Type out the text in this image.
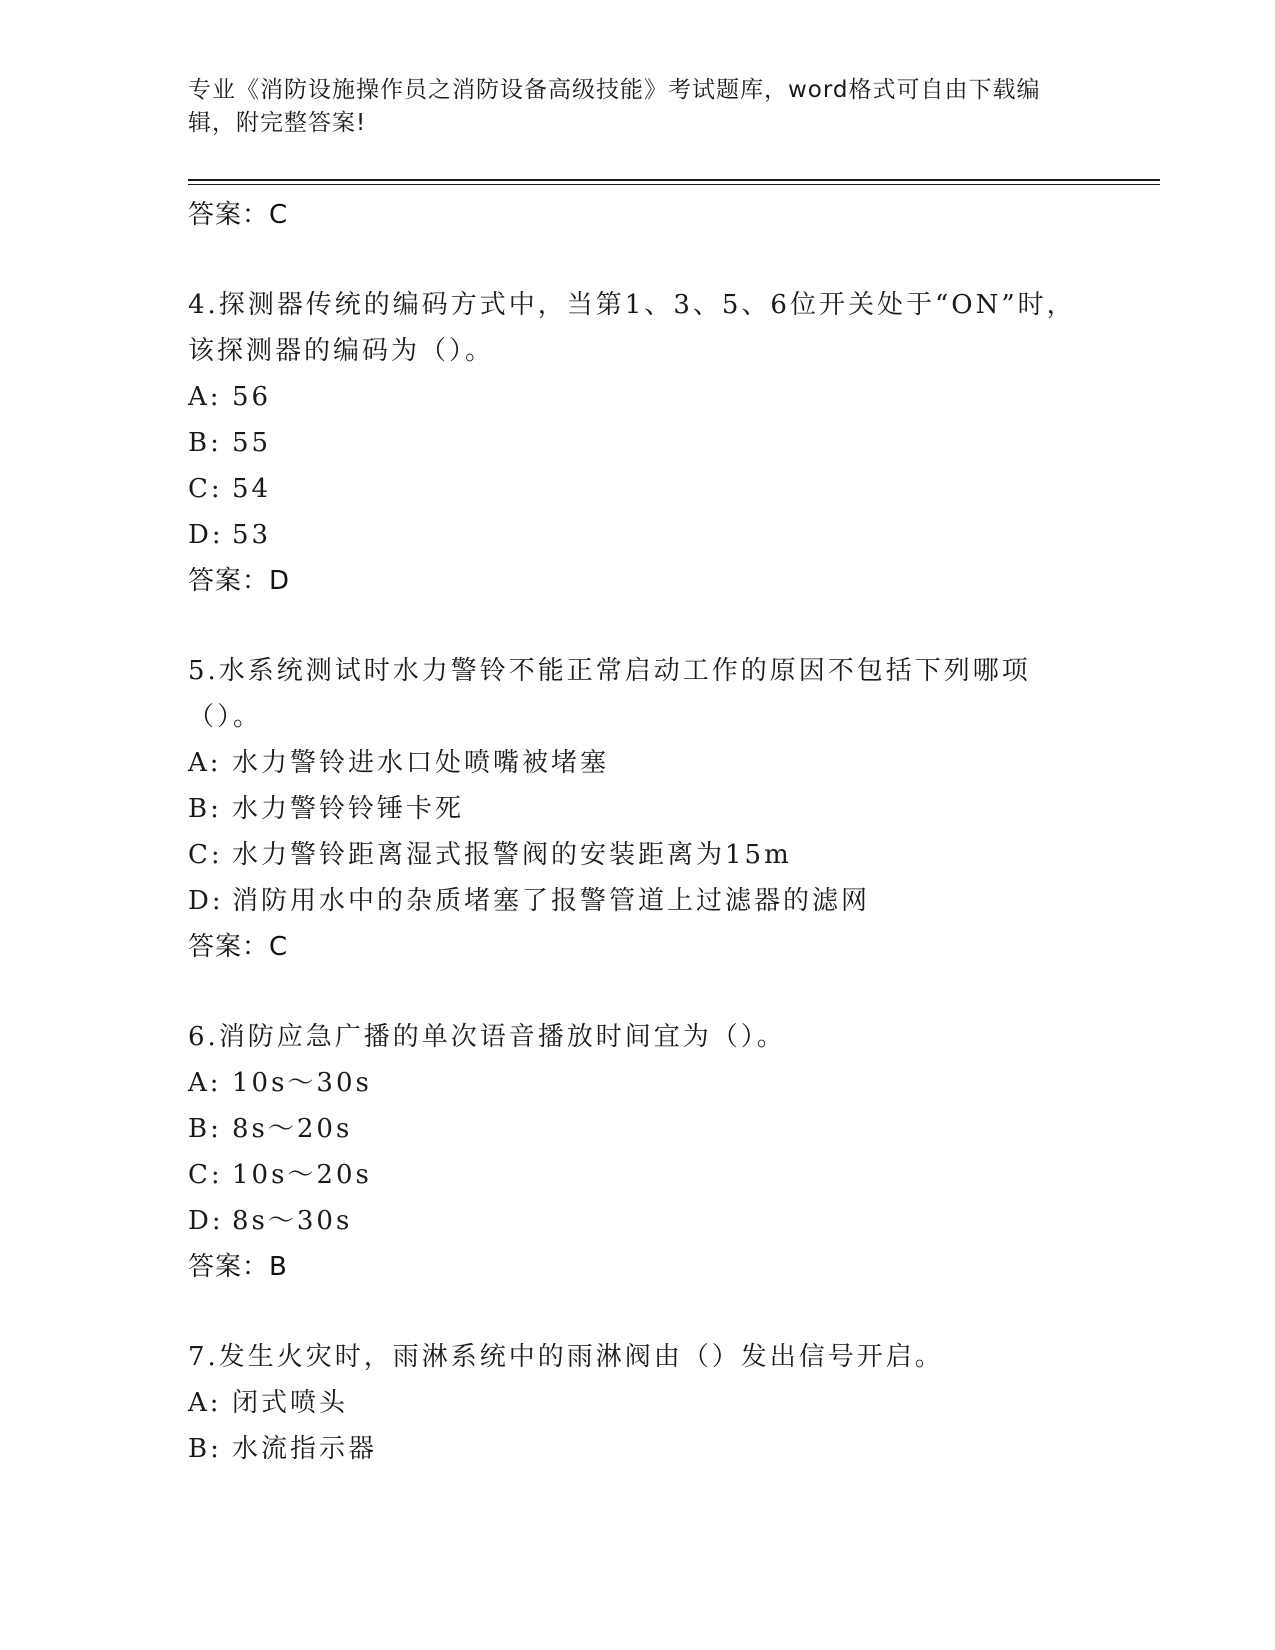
专业《消防设施操作员之消防设备高级技能》考试题库，word格式可自由下载编辑，附完整答案!
答案：C
4.探测器传统的编码方式中，当第1、3、5、6位开关处于“ON”时，该探测器的编码为（）。
A: 56
B: 55
C: 54
D: 53
答案：D
5.水系统测试时水力警铃不能正常启动工作的原因不包括下列哪项（）。
A: 水力警铃进水口处喷嘴被堵塞
B: 水力警铃铃锤卡死
C: 水力警铃距离湿式报警阀的安装距离为15m
D: 消防用水中的杂质堵塞了报警管道上过滤器的滤网
答案：C
6.消防应急广播的单次语音播放时间宜为（）。
A: 10s～30s
B: 8s～20s
C: 10s～20s
D: 8s～30s
答案：B
7.发生火灾时，雨淋系统中的雨淋阀由（）发出信号开启。
A: 闭式喷头
B: 水流指示器
